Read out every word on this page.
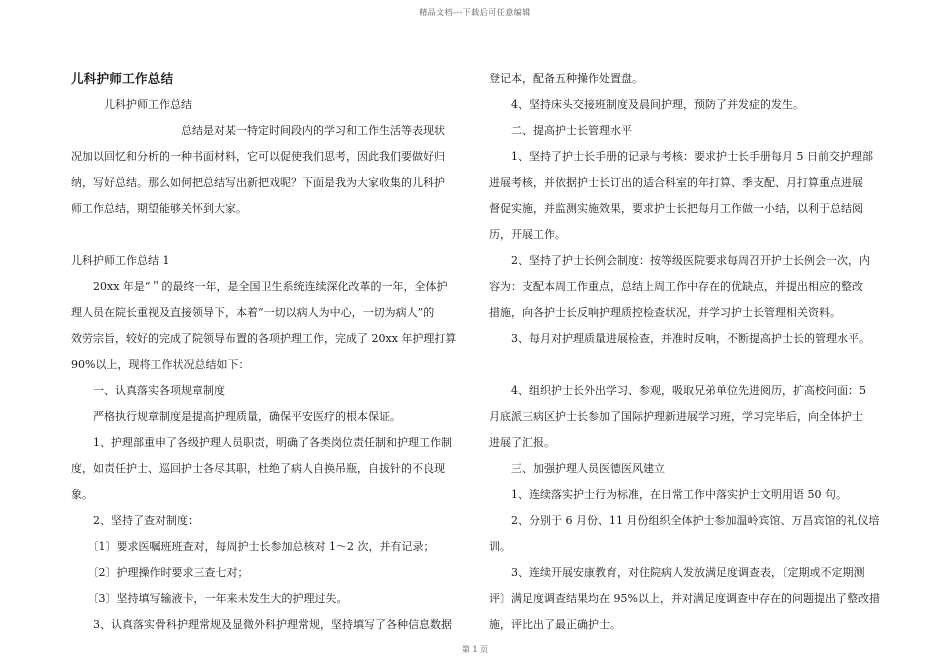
精品文档---下载后可任意编辑
儿科护师工作总结

　　　儿科护师工作总结

　　　　　　　　　　总结是对某一特定时间段内的学习和工作生活等表现状

况加以回忆和分析的一种书面材料，它可以促使我们思考，因此我们要做好归

纳，写好总结。那么如何把总结写出新把戏呢？下面是我为大家收集的儿科护

师工作总结，期望能够关怀到大家。

儿科护师工作总结 1

　　20xx 年是“＂的最终一年，是全国卫生系统连续深化改革的一年，全体护

理人员在院长重视及直接领导下，本着“一切以病人为中心，一切为病人”的

效劳宗旨，较好的完成了院领导布置的各项护理工作，完成了 20xx 年护理打算

90%以上，现将工作状况总结如下：

　　一、认真落实各项规章制度

　　严格执行规章制度是提高护理质量，确保平安医疗的根本保证。

　　1、护理部重申了各级护理人员职责，明确了各类岗位责任制和护理工作制

度，如责任护士、巡回护士各尽其职，杜绝了病人自换吊瓶，自拔针的不良现

象。

　　2、坚持了查对制度：

　　〔1〕要求医嘱班班查对，每周护士长参加总核对 1～2 次，并有记录；

　　〔2〕护理操作时要求三查七对；

　　〔3〕坚持填写输液卡，一年来未发生大的护理过失。

　　3、认真落实骨科护理常规及显微外科护理常规，坚持填写了各种信息数据

登记本，配备五种操作处置盘。

　　4、坚持床头交接班制度及晨间护理，预防了并发症的发生。

　　二、提高护士长管理水平

　　1、坚持了护士长手册的记录与考核：要求护士长手册每月 5 日前交护理部

进展考核，并依据护士长订出的适合科室的年打算、季支配、月打算重点进展

督促实施，并监测实施效果，要求护士长把每月工作做一小结，以利于总结阅

历，开展工作。

　　2、坚持了护士长例会制度：按等级医院要求每周召开护士长例会一次，内

容为：支配本周工作重点，总结上周工作中存在的优缺点，并提出相应的整改

措施，向各护士长反响护理质控检查状况，并学习护士长管理相关资料。

　　3、每月对护理质量进展检查，并准时反响，不断提高护士长的管理水平。

　　4、组织护士长外出学习、参观，吸取兄弟单位先进阅历，扩高校问面：5

月底派三病区护士长参加了国际护理新进展学习班，学习完毕后，向全体护士

进展了汇报。

　　三、加强护理人员医德医风建立

　　1、连续落实护士行为标准，在日常工作中落实护士文明用语 50 句。

　　2、分别于 6 月份、11 月份组织全体护士参加温岭宾馆、万昌宾馆的礼仪培

训。

　　3、连续开展安康教育，对住院病人发放满足度调查表，〔定期或不定期测

评〕满足度调查结果均在 95%以上，并对满足度调查中存在的问题提出了整改措

施，评比出了最正确护士。

第 1 页
